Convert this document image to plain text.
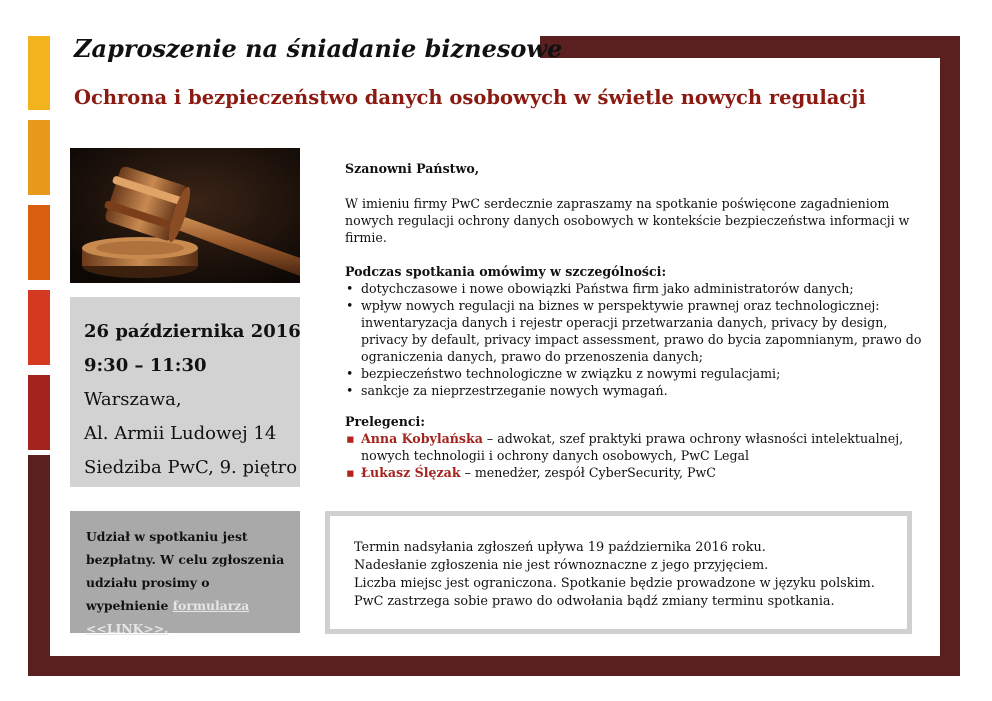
Zaproszenie na śniadanie biznesowe
Ochrona i bezpieczeństwo danych osobowych w świetle nowych regulacji
26 października 2016
9:30 – 11:30
Warszawa,
Al. Armii Ludowej 14
Siedziba PwC, 9. piętro
Udział w spotkaniu jest bezpłatny. W celu zgłoszenia udziału prosimy o wypełnienie formularza <<LINK>>.
Szanowni Państwo,

W imieniu firmy PwC serdecznie zapraszamy na spotkanie poświęcone zagadnieniom nowych regulacji ochrony danych osobowych w kontekście bezpieczeństwa informacji w firmie.

Podczas spotkania omówimy w szczególności:
• dotychczasowe i nowe obowiązki Państwa firm jako administratorów danych;
• wpływ nowych regulacji na biznes w perspektywie prawnej oraz technologicznej: inwentaryzacja danych i rejestr operacji przetwarzania danych, privacy by design, privacy by default, privacy impact assessment, prawo do bycia zapomnianym, prawo do ograniczenia danych, prawo do przenoszenia danych;
• bezpieczeństwo technologiczne w związku z nowymi regulacjami;
• sankcje za nieprzestrzeganie nowych wymagań.
Prelegenci:
▪ Anna Kobylańska – adwokat, szef praktyki prawa ochrony własności intelektualnej, nowych technologii i ochrony danych osobowych, PwC Legal
▪ Łukasz Ślęzak – menedżer, zespół CyberSecurity, PwC
Termin nadsyłania zgłoszeń upływa 19 października 2016 roku.
Nadesłanie zgłoszenia nie jest równoznaczne z jego przyjęciem.
Liczba miejsc jest ograniczona. Spotkanie będzie prowadzone w języku polskim.
PwC zastrzega sobie prawo do odwołania bądź zmiany terminu spotkania.
